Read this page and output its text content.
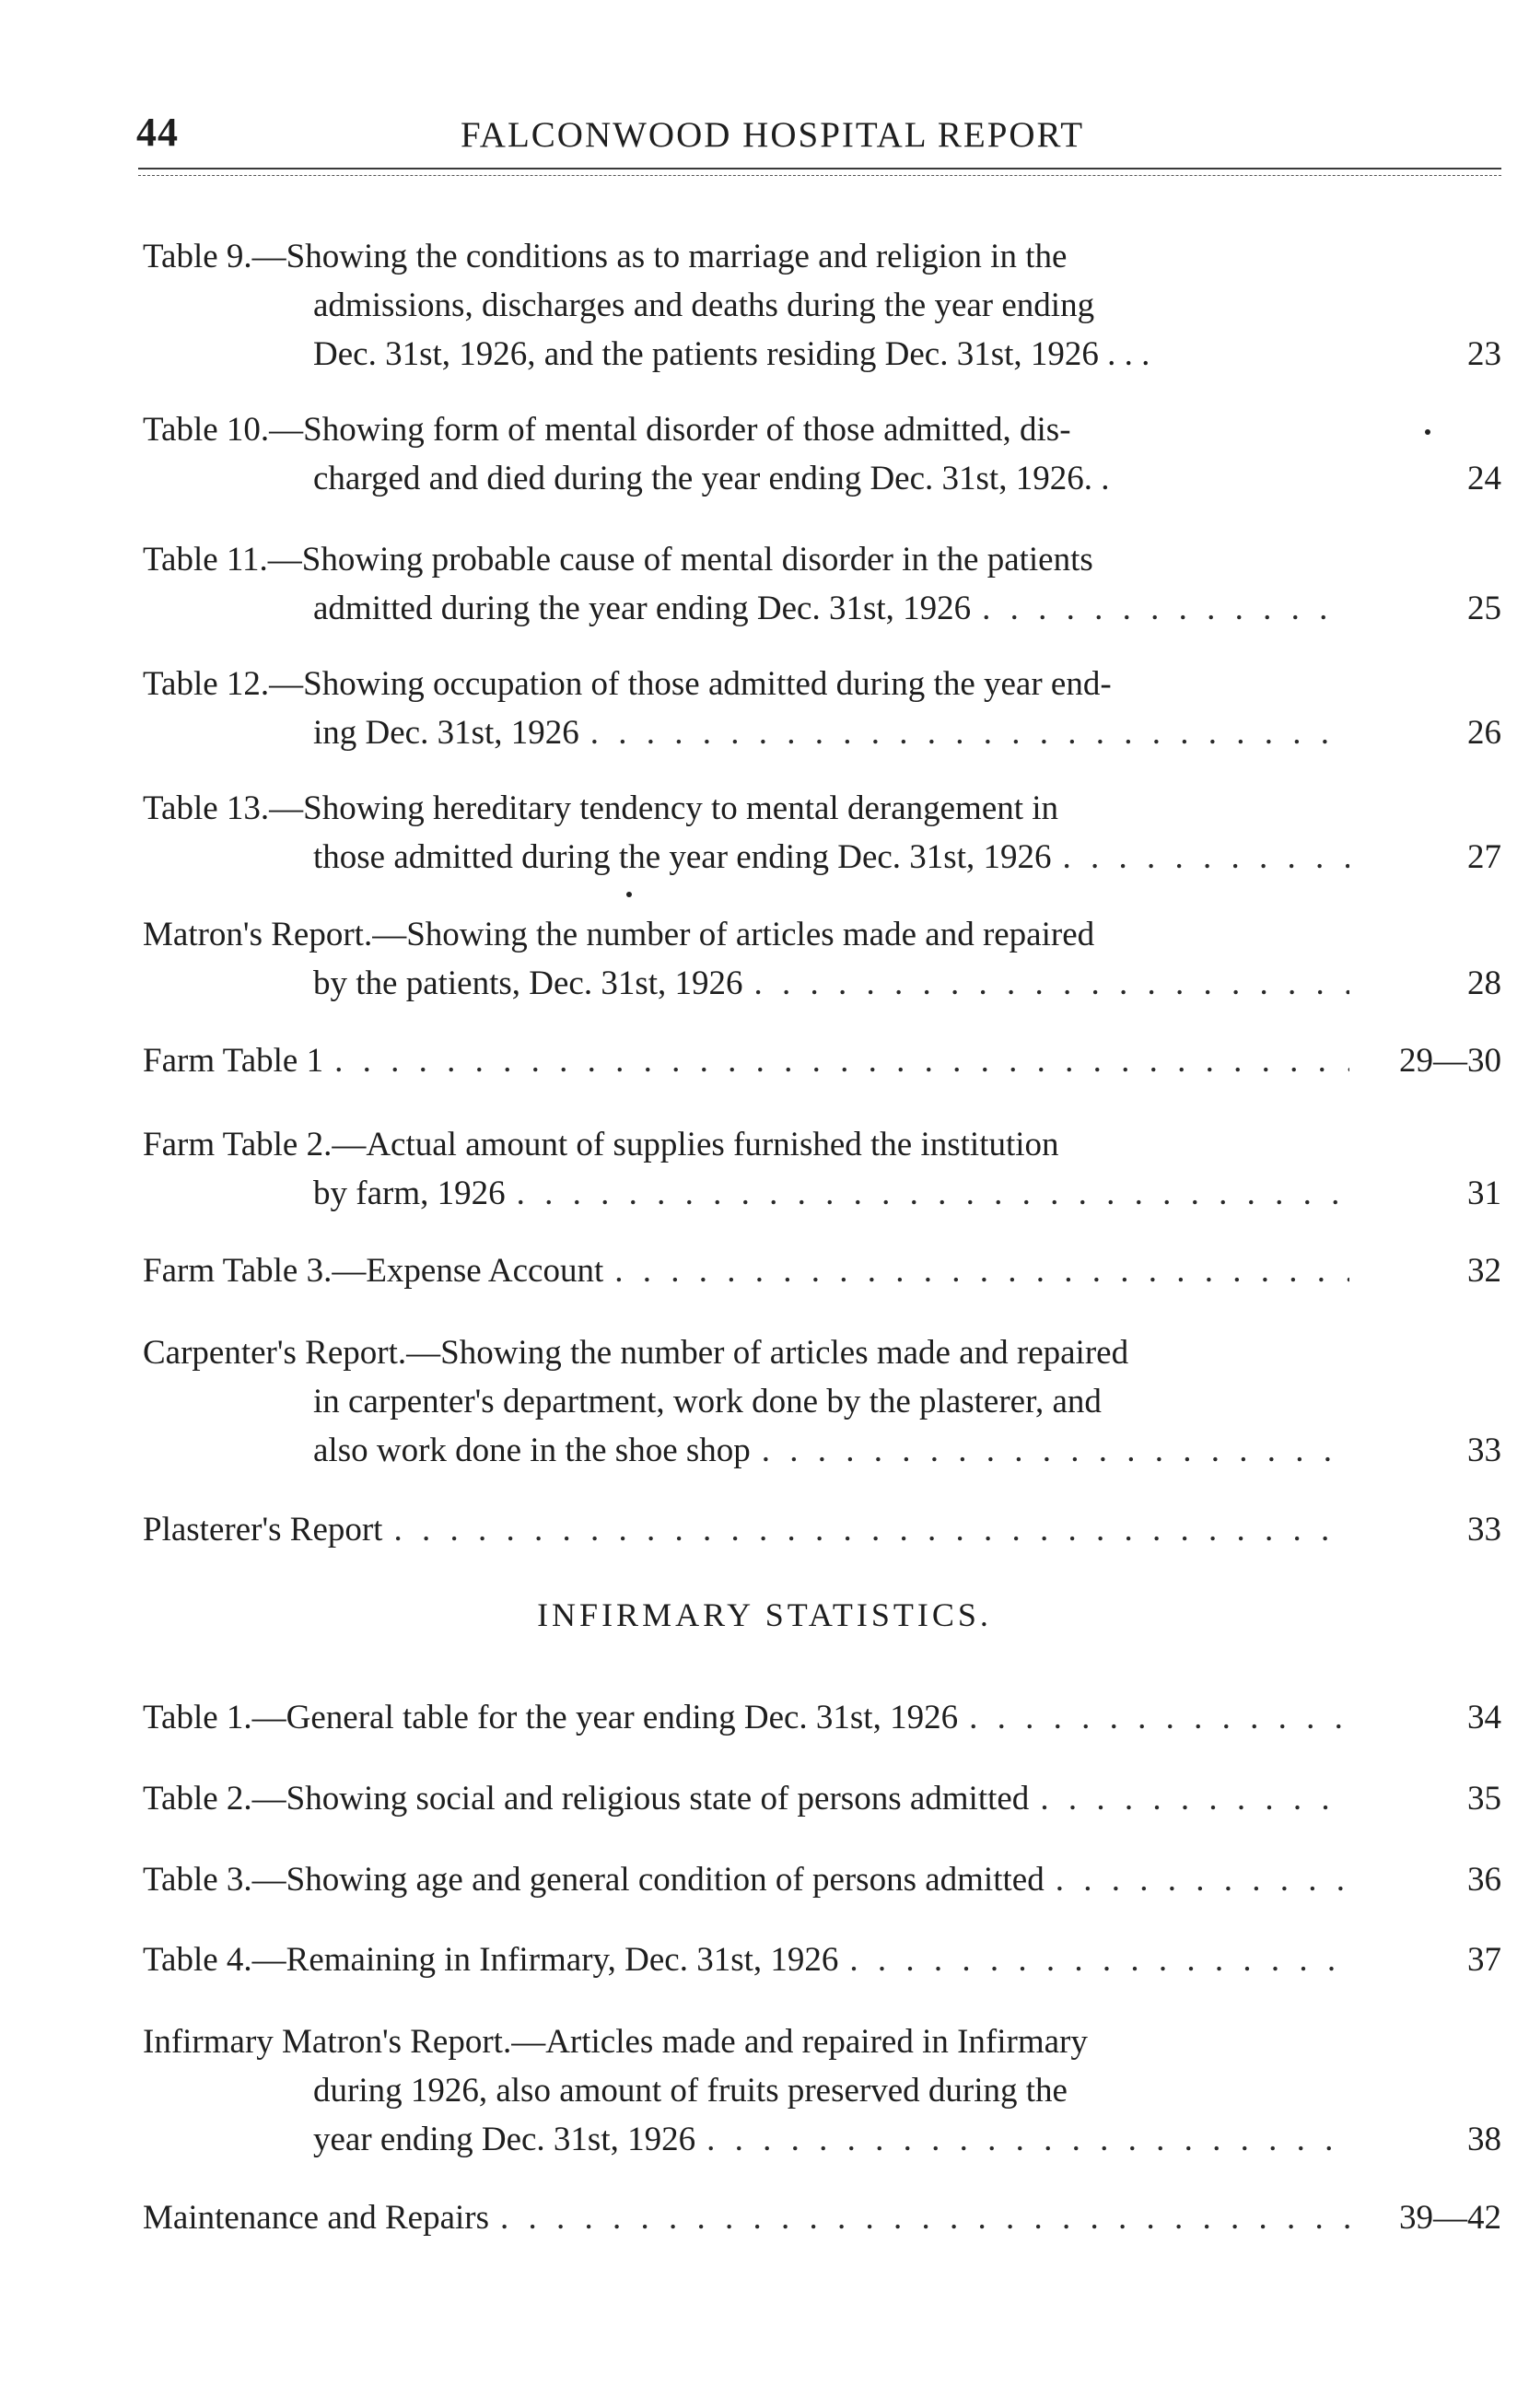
44	FALCONWOOD HOSPITAL REPORT
Table 9.—Showing the conditions as to marriage and religion in the
admissions, discharges and deaths during the year ending
Dec. 31st, 1926, and the patients residing Dec. 31st, 1926 . . .	23
Table 10.—Showing form of mental disorder of those admitted, dis-
charged and died during the year ending Dec. 31st, 1926. .	24
Table 11.—Showing probable cause of mental disorder in the patients
admitted during the year ending Dec. 31st, 1926 . . .	25
Table 12.—Showing occupation of those admitted during the year end-
ing Dec. 31st, 1926 . . .	26
Table 13.—Showing hereditary tendency to mental derangement in
those admitted during the year ending Dec. 31st, 1926 . . .	27
Matron's Report.—Showing the number of articles made and repaired
by the patients, Dec. 31st, 1926 . . .	28
Farm Table 1 . . .	29—30
Farm Table 2.—Actual amount of supplies furnished the institution
by farm, 1926 . . .	31
Farm Table 3.—Expense Account . . .	32
Carpenter's Report.—Showing the number of articles made and repaired
in carpenter's department, work done by the plasterer, and
also work done in the shoe shop . . .	33
Plasterer's Report . . .	33
INFIRMARY STATISTICS.
Table 1.—General table for the year ending Dec. 31st, 1926 . . .	34
Table 2.—Showing social and religious state of persons admitted . . .	35
Table 3.—Showing age and general condition of persons admitted . . .	36
Table 4.—Remaining in Infirmary, Dec. 31st, 1926 . . .	37
Infirmary Matron's Report.—Articles made and repaired in Infirmary
during 1926, also amount of fruits preserved during the
year ending Dec. 31st, 1926 . . .	38
Maintenance and Repairs . . .	39—42
